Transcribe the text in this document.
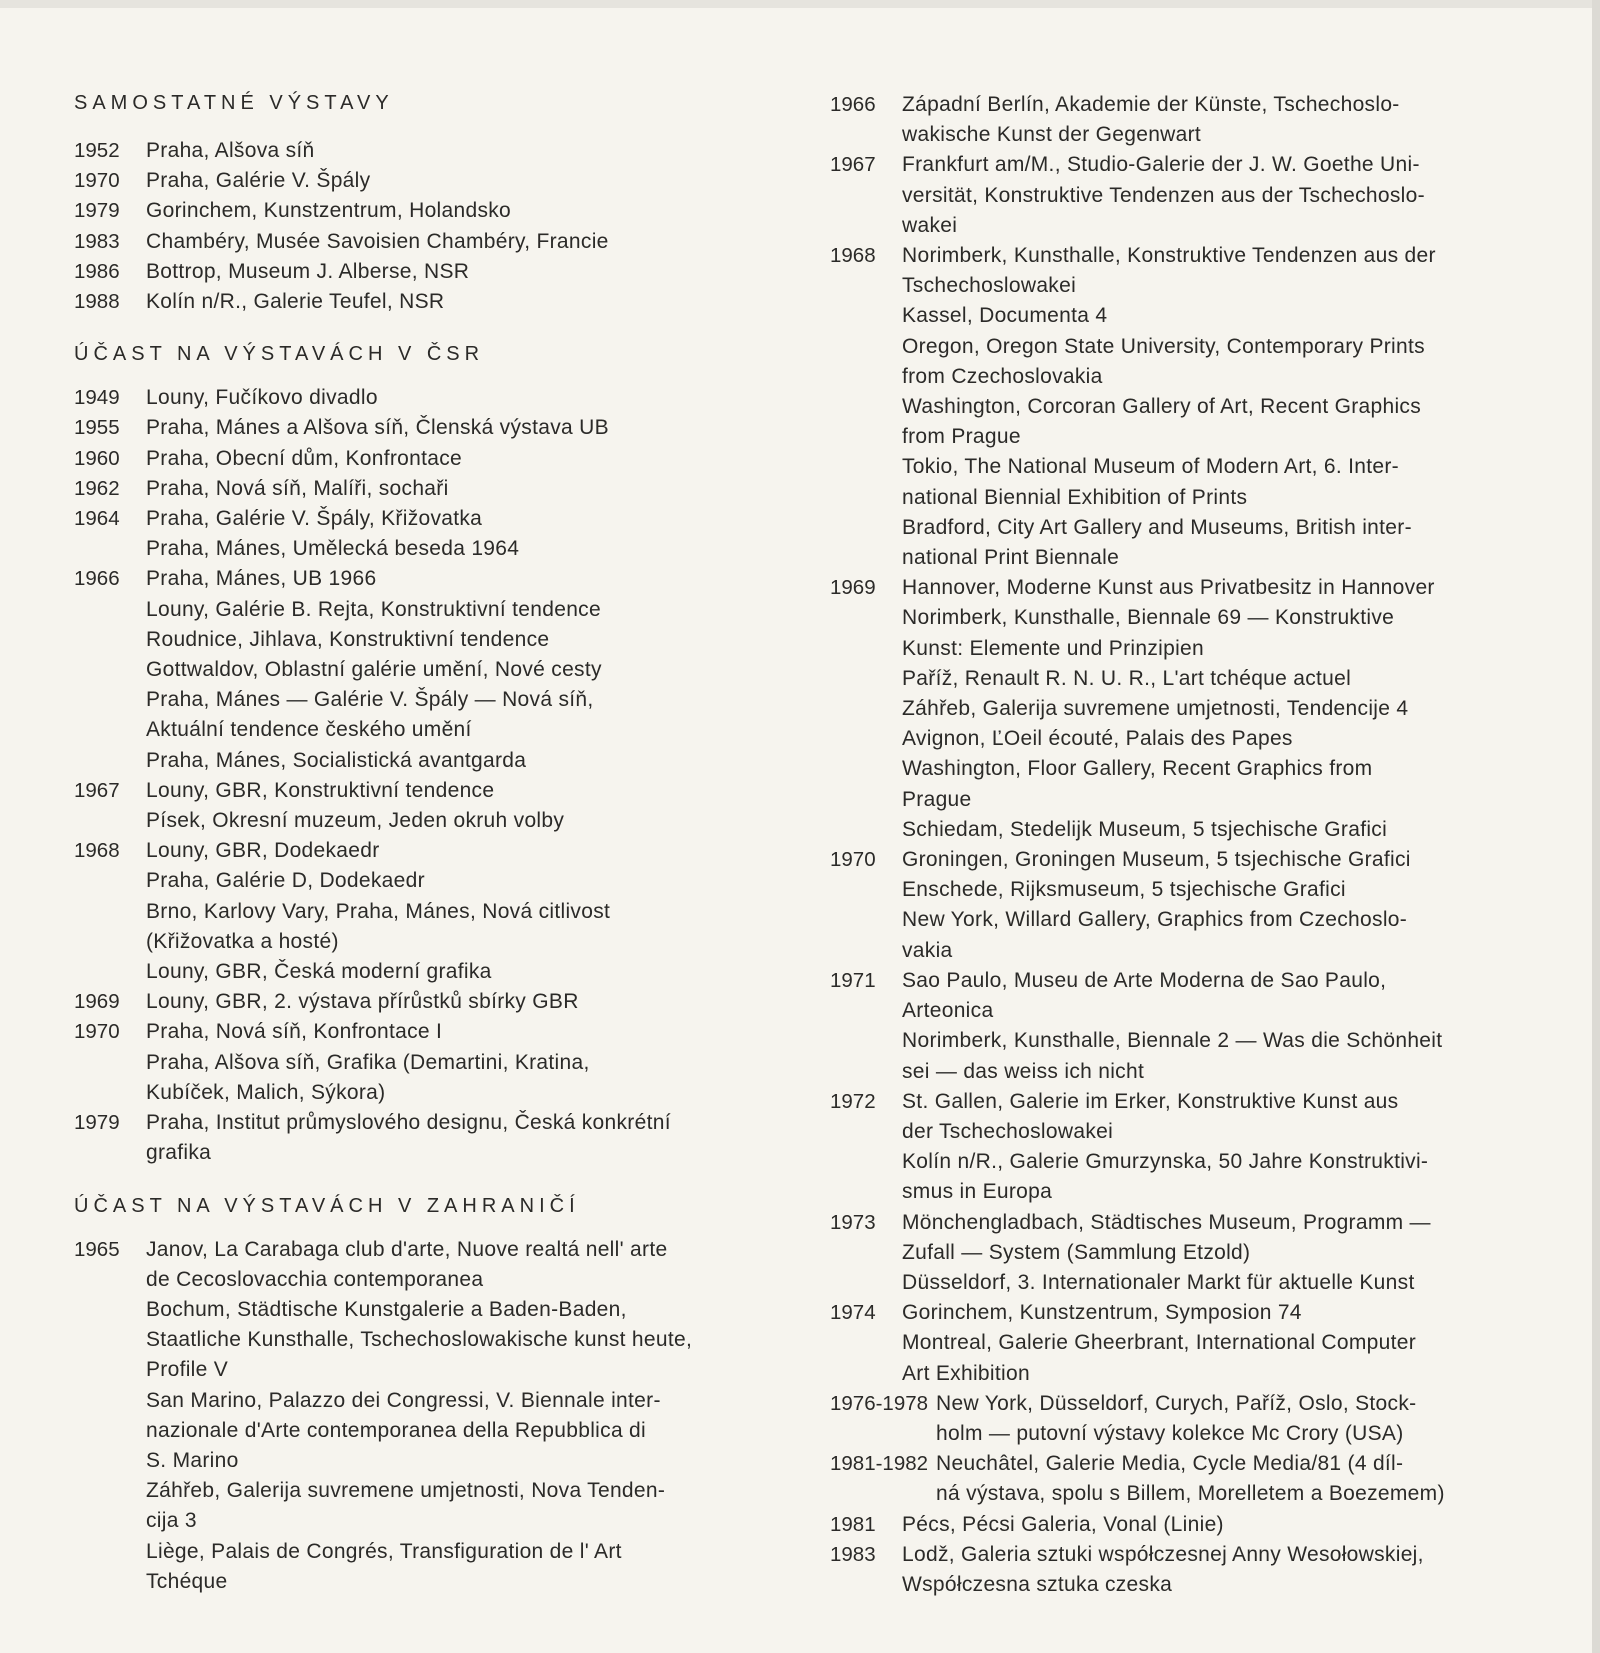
SAMOSTATNÉ VÝSTAVY
1952	Praha, Alšova síň
1970	Praha, Galérie V. Špály
1979	Gorinchem, Kunstzentrum, Holandsko
1983	Chambéry, Musée Savoisien Chambéry, Francie
1986	Bottrop, Museum J. Alberse, NSR
1988	Kolín n/R., Galerie Teufel, NSR
ÚČAST NA VÝSTAVÁCH V ČSR
1949	Louny, Fučíkovo divadlo
1955	Praha, Mánes a Alšova síň, Členská výstava UB
1960	Praha, Obecní dům, Konfrontace
1962	Praha, Nová síň, Malíři, sochaři
1964	Praha, Galérie V. Špály, Křižovatka
Praha, Mánes, Umělecká beseda 1964
1966	Praha, Mánes, UB 1966
Louny, Galérie B. Rejta, Konstruktivní tendence
Roudnice, Jihlava, Konstruktivní tendence
Gottwaldov, Oblastní galérie umění, Nové cesty
Praha, Mánes — Galérie V. Špály — Nová síň,
Aktuální tendence českého umění
Praha, Mánes, Socialistická avantgarda
1967	Louny, GBR, Konstruktivní tendence
Písek, Okresní muzeum, Jeden okruh volby
1968	Louny, GBR, Dodekaedr
Praha, Galérie D, Dodekaedr
Brno, Karlovy Vary, Praha, Mánes, Nová citlivost
(Křižovatka a hosté)
Louny, GBR, Česká moderní grafika
1969	Louny, GBR, 2. výstava přírůstků sbírky GBR
1970	Praha, Nová síň, Konfrontace I
Praha, Alšova síň, Grafika (Demartini, Kratina,
Kubíček, Malich, Sýkora)
1979	Praha, Institut průmyslového designu, Česká konkrétní
grafika
ÚČAST NA VÝSTAVÁCH V ZAHRANIČÍ
1965	Janov, La Carabaga club d'arte, Nuove realtá nell' arte
de Cecoslovacchia contemporanea
Bochum, Städtische Kunstgalerie a Baden-Baden,
Staatliche Kunsthalle, Tschechoslowakische kunst heute,
Profile V
San Marino, Palazzo dei Congressi, V. Biennale inter-
nazionale d'Arte contemporanea della Repubblica di
S. Marino
Záhřeb, Galerija suvremene umjetnosti, Nova Tenden-
cija 3
Liège, Palais de Congrés, Transfiguration de l' Art
Tchéque
1966	Západní Berlín, Akademie der Künste, Tschechoslo-
wakische Kunst der Gegenwart
1967	Frankfurt am/M., Studio-Galerie der J. W. Goethe Uni-
versität, Konstruktive Tendenzen aus der Tschechoslo-
wakei
1968	Norimberk, Kunsthalle, Konstruktive Tendenzen aus der
Tschechoslowakei
Kassel, Documenta 4
Oregon, Oregon State University, Contemporary Prints
from Czechoslovakia
Washington, Corcoran Gallery of Art, Recent Graphics
from Prague
Tokio, The National Museum of Modern Art, 6. Inter-
national Biennial Exhibition of Prints
Bradford, City Art Gallery and Museums, British inter-
national Print Biennale
1969	Hannover, Moderne Kunst aus Privatbesitz in Hannover
Norimberk, Kunsthalle, Biennale 69 — Konstruktive
Kunst: Elemente und Prinzipien
Paříž, Renault R. N. U. R., L'art tchéque actuel
Záhřeb, Galerija suvremene umjetnosti, Tendencije 4
Avignon, ĽOeil écouté, Palais des Papes
Washington, Floor Gallery, Recent Graphics from
Prague
Schiedam, Stedelijk Museum, 5 tsjechische Grafici
1970	Groningen, Groningen Museum, 5 tsjechische Grafici
Enschede, Rijksmuseum, 5 tsjechische Grafici
New York, Willard Gallery, Graphics from Czechoslo-
vakia
1971	Sao Paulo, Museu de Arte Moderna de Sao Paulo,
Arteonica
Norimberk, Kunsthalle, Biennale 2 — Was die Schönheit
sei — das weiss ich nicht
1972	St. Gallen, Galerie im Erker, Konstruktive Kunst aus
der Tschechoslowakei
Kolín n/R., Galerie Gmurzynska, 50 Jahre Konstruktivi-
smus in Europa
1973	Mönchengladbach, Städtisches Museum, Programm —
Zufall — System (Sammlung Etzold)
Düsseldorf, 3. Internationaler Markt für aktuelle Kunst
1974	Gorinchem, Kunstzentrum, Symposion 74
Montreal, Galerie Gheerbrant, International Computer
Art Exhibition
1976-1978 New York, Düsseldorf, Curych, Paříž, Oslo, Stock-
holm — putovní výstavy kolekce Mc Crory (USA)
1981-1982 Neuchâtel, Galerie Media, Cycle Media/81 (4 díl-
ná výstava, spolu s Billem, Morelletem a Boezemem)
1981	Pécs, Pécsi Galeria, Vonal (Linie)
1983	Lodž, Galeria sztuki współczesnej Anny Wesołowskiej,
Współczesna sztuka czeska
